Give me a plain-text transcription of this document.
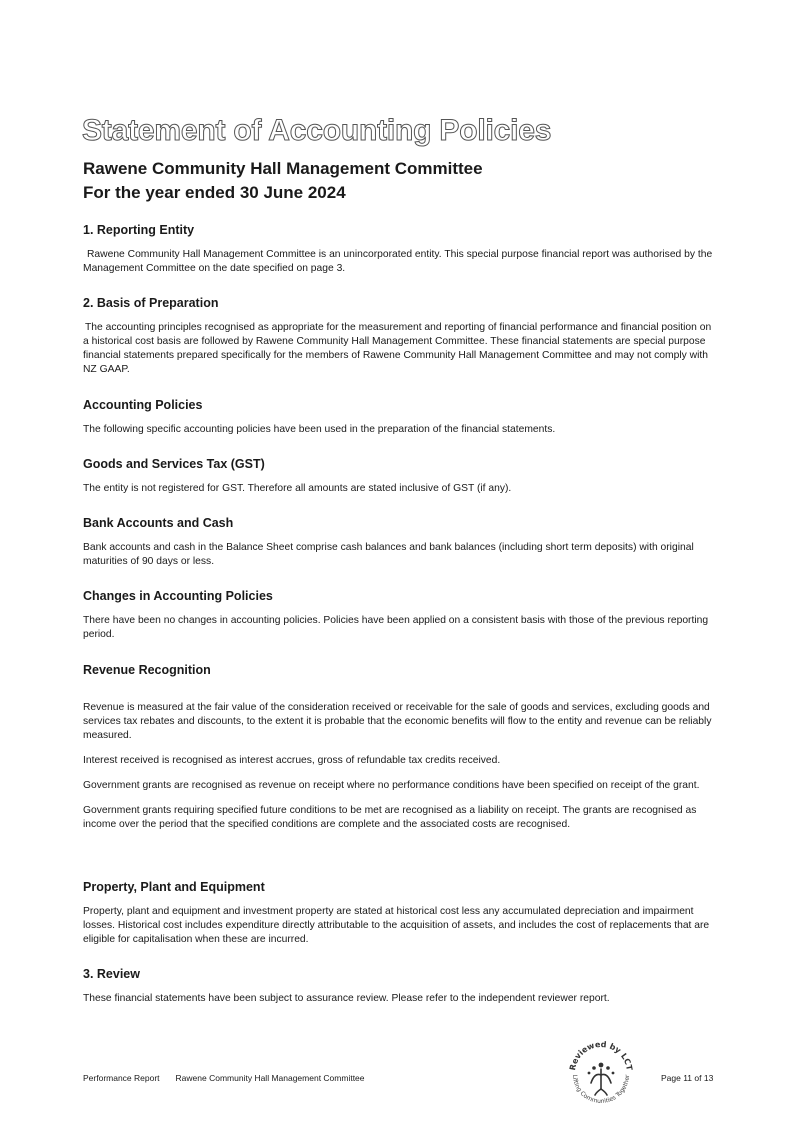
Statement of Accounting Policies
Rawene Community Hall Management Committee
For the year ended 30 June 2024

1. Reporting Entity

Rawene Community Hall Management Committee is an unincorporated entity. This special purpose financial report was authorised by the Management Committee on the date specified on page 3.

2. Basis of Preparation

The accounting principles recognised as appropriate for the measurement and reporting of financial performance and financial position on a historical cost basis are followed by Rawene Community Hall Management Committee. These financial statements are special purpose financial statements prepared specifically for the members of Rawene Community Hall Management Committee and may not comply with NZ GAAP.

Accounting Policies

The following specific accounting policies have been used in the preparation of the financial statements.

Goods and Services Tax (GST)

The entity is not registered for GST. Therefore all amounts are stated inclusive of GST (if any).

Bank Accounts and Cash

Bank accounts and cash in the Balance Sheet comprise cash balances and bank balances (including short term deposits) with original maturities of 90 days or less.

Changes in Accounting Policies

There have been no changes in accounting policies. Policies have been applied on a consistent basis with those of the previous reporting period.

Revenue Recognition

Revenue is measured at the fair value of the consideration received or receivable for the sale of goods and services, excluding goods and services tax rebates and discounts, to the extent it is probable that the economic benefits will flow to the entity and revenue can be reliably measured.

Interest received is recognised as interest accrues, gross of refundable tax credits received.

Government grants are recognised as revenue on receipt where no performance conditions have been specified on receipt of the grant.

Government grants requiring specified future conditions to be met are recognised as a liability on receipt. The grants are recognised as income over the period that the specified conditions are complete and the associated costs are recognised.

Property, Plant and Equipment

Property, plant and equipment and investment property are stated at historical cost less any accumulated depreciation and impairment losses. Historical cost includes expenditure directly attributable to the acquisition of assets, and includes the cost of replacements that are eligible for capitalisation when these are incurred.

3. Review

These financial statements have been subject to assurance review. Please refer to the independent reviewer report.

Performance Report Rawene Community Hall Management Committee
Reviewed by LCT
Lifting Communities Together	Page 11 of 13
